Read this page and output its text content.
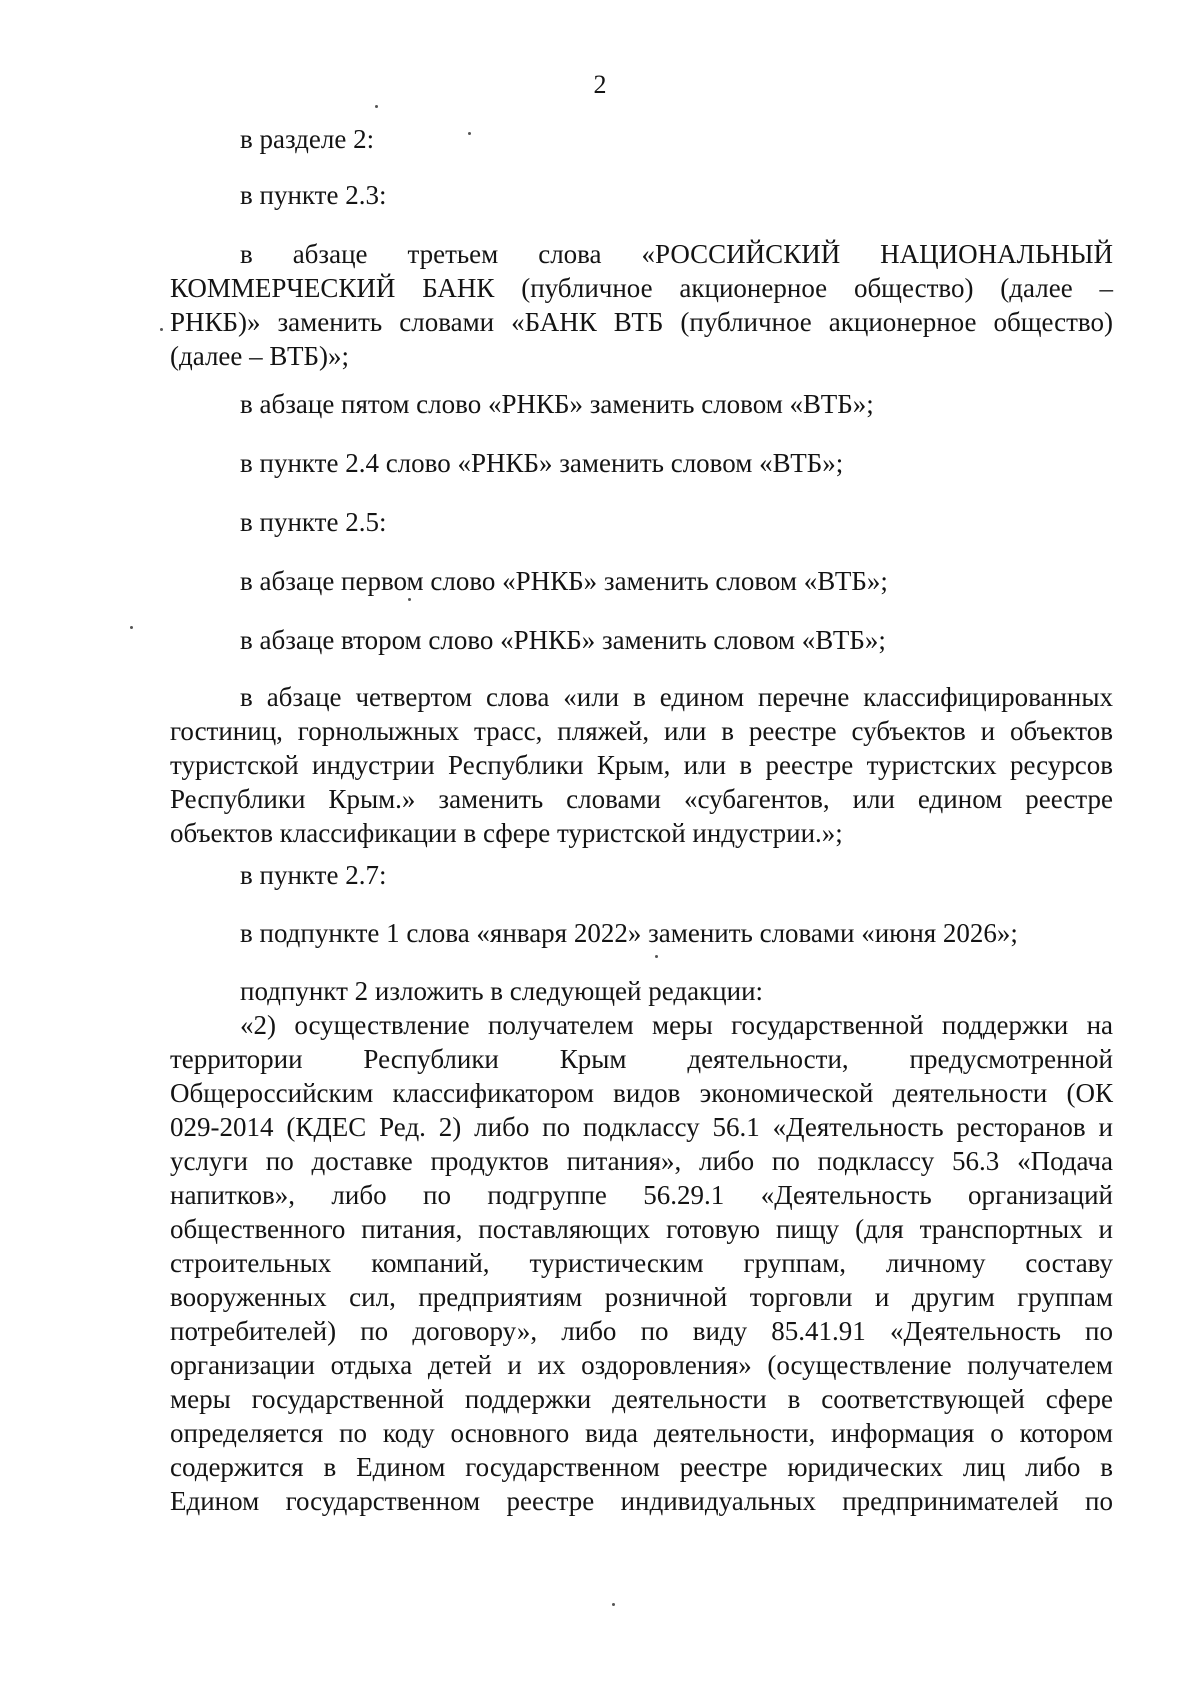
2
в разделе 2:
в пункте 2.3:
в абзаце третьем слова «РОССИЙСКИЙ НАЦИОНАЛЬНЫЙ
КОММЕРЧЕСКИЙ БАНК (публичное акционерное общество) (далее –
РНКБ)» заменить словами «БАНК ВТБ (публичное акционерное общество)
(далее – ВТБ)»;
в абзаце пятом слово «РНКБ» заменить словом «ВТБ»;
в пункте 2.4 слово «РНКБ» заменить словом «ВТБ»;
в пункте 2.5:
в абзаце первом слово «РНКБ» заменить словом «ВТБ»;
в абзаце втором слово «РНКБ» заменить словом «ВТБ»;
в абзаце четвертом слова «или в едином перечне классифицированных
гостиниц, горнолыжных трасс, пляжей, или в реестре субъектов и объектов
туристской индустрии Республики Крым, или в реестре туристских ресурсов
Республики Крым.» заменить словами «субагентов, или едином реестре
объектов классификации в сфере туристской индустрии.»;
в пункте 2.7:
в подпункте 1 слова «января 2022» заменить словами «июня 2026»;
подпункт 2 изложить в следующей редакции:
«2) осуществление получателем меры государственной поддержки на
территории Республики Крым деятельности, предусмотренной
Общероссийским классификатором видов экономической деятельности (ОК
029-2014 (КДЕС Ред. 2) либо по подклассу 56.1 «Деятельность ресторанов и
услуги по доставке продуктов питания», либо по подклассу 56.3 «Подача
напитков», либо по подгруппе 56.29.1 «Деятельность организаций
общественного питания, поставляющих готовую пищу (для транспортных и
строительных компаний, туристическим группам, личному составу
вооруженных сил, предприятиям розничной торговли и другим группам
потребителей) по договору», либо по виду 85.41.91 «Деятельность по
организации отдыха детей и их оздоровления» (осуществление получателем
меры государственной поддержки деятельности в соответствующей сфере
определяется по коду основного вида деятельности, информация о котором
содержится в Едином государственном реестре юридических лиц либо в
Едином государственном реестре индивидуальных предпринимателей по
